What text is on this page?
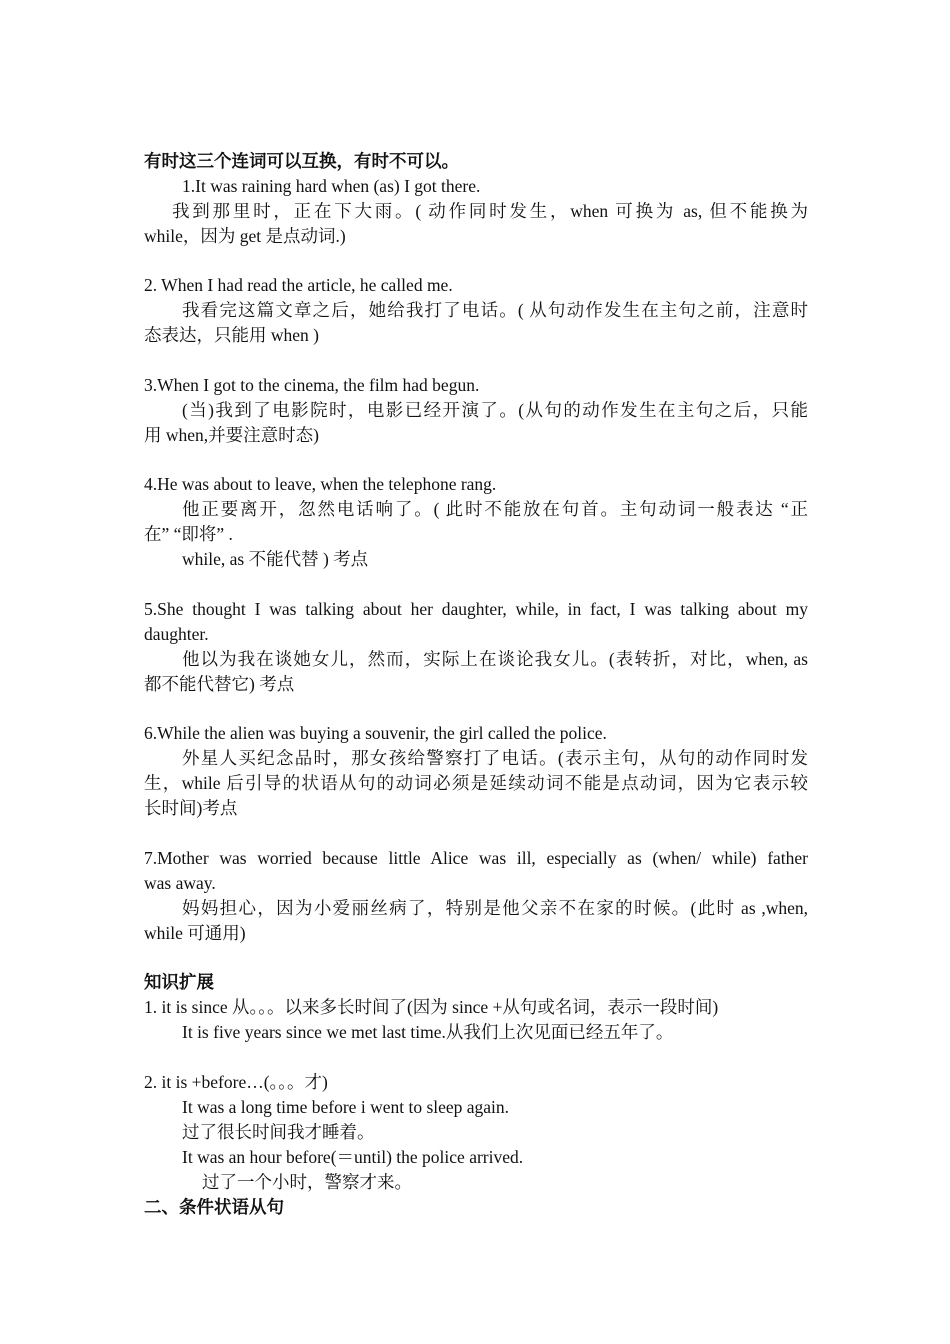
有时这三个连词可以互换，有时不可以。
1.It was raining hard when (as) I got there.
我到那里时，正在下大雨。( 动作同时发生，when 可换为 as, 但不能换为
while，因为 get 是点动词.)
2. When I had read the article, he called me.
我看完这篇文章之后，她给我打了电话。( 从句动作发生在主句之前，注意时
态表达，只能用 when )
3.When I got to the cinema, the film had begun.
(当)我到了电影院时，电影已经开演了。(从句的动作发生在主句之后，只能
用 when,并要注意时态)
4.He was about to leave, when the telephone rang.
他正要离开，忽然电话响了。( 此时不能放在句首。主句动词一般表达 “正
在” “即将” .
while, as 不能代替 ) 考点
5.She thought I was talking about her daughter, while, in fact, I was talking about my
daughter.
他以为我在谈她女儿，然而，实际上在谈论我女儿。(表转折，对比，when, as
都不能代替它) 考点
6.While the alien was buying a souvenir, the girl called the police.
外星人买纪念品时，那女孩给警察打了电话。(表示主句，从句的动作同时发
生，while 后引导的状语从句的动词必须是延续动词不能是点动词，因为它表示较
长时间)考点
7.Mother was worried because little Alice was ill, especially as (when/ while) father
was away.
妈妈担心，因为小爱丽丝病了，特别是他父亲不在家的时候。(此时 as ,when,
while 可通用)
知识扩展
1. it is since 从。。。以来多长时间了(因为 since +从句或名词，表示一段时间)
It is five years since we met last time.从我们上次见面已经五年了。
2. it is +before…(。。。才)
It was a long time before i went to sleep again.
过了很长时间我才睡着。
It was an hour before(＝until) the police arrived.
过了一个小时，警察才来。
二、条件状语从句
